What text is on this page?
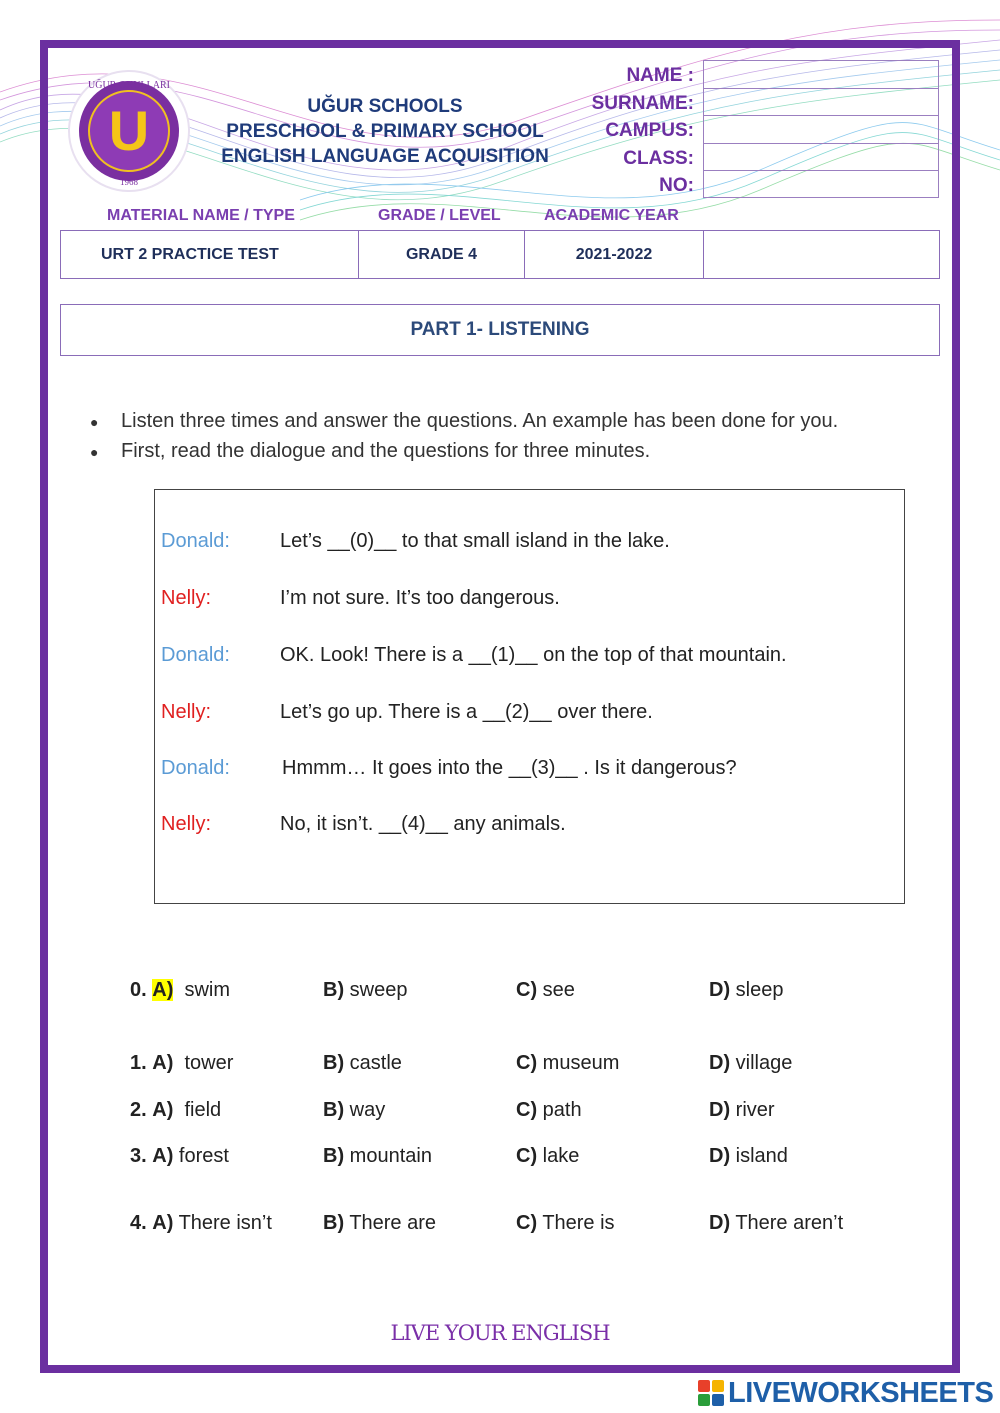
U
UĞUR OKULLARI
1968
UĞUR SCHOOLS
PRESCHOOL & PRIMARY SCHOOL
ENGLISH LANGUAGE ACQUISITION
NAME :
SURNAME:
CAMPUS:
CLASS:
NO:
MATERIAL NAME / TYPE	GRADE / LEVEL	ACADEMIC YEAR
URT 2 PRACTICE TEST	GRADE 4	2021-2022
PART 1- LISTENING
● Listen three times and answer the questions. An example has been done for you.
● First, read the dialogue and the questions for three minutes.
Donald:	Let’s __(0)__ to that small island in the lake.
Nelly:	I’m not sure. It’s too dangerous.
Donald:	OK. Look! There is a __(1)__ on the top of that mountain.
Nelly:	Let’s go up. There is a __(2)__ over there.
Donald:	Hmmm… It goes into the __(3)__ . Is it dangerous?
Nelly:	No, it isn’t. __(4)__ any animals.
0. A) swim	B) sweep	C) see	D) sleep
1. A) tower	B) castle	C) museum	D) village
2. A) field	B) way	C) path	D) river
3. A) forest	B) mountain	C) lake	D) island
4. A) There isn’t	B) There are	C) There is	D) There aren’t
LIVE YOUR ENGLISH
LIVEWORKSHEETS
